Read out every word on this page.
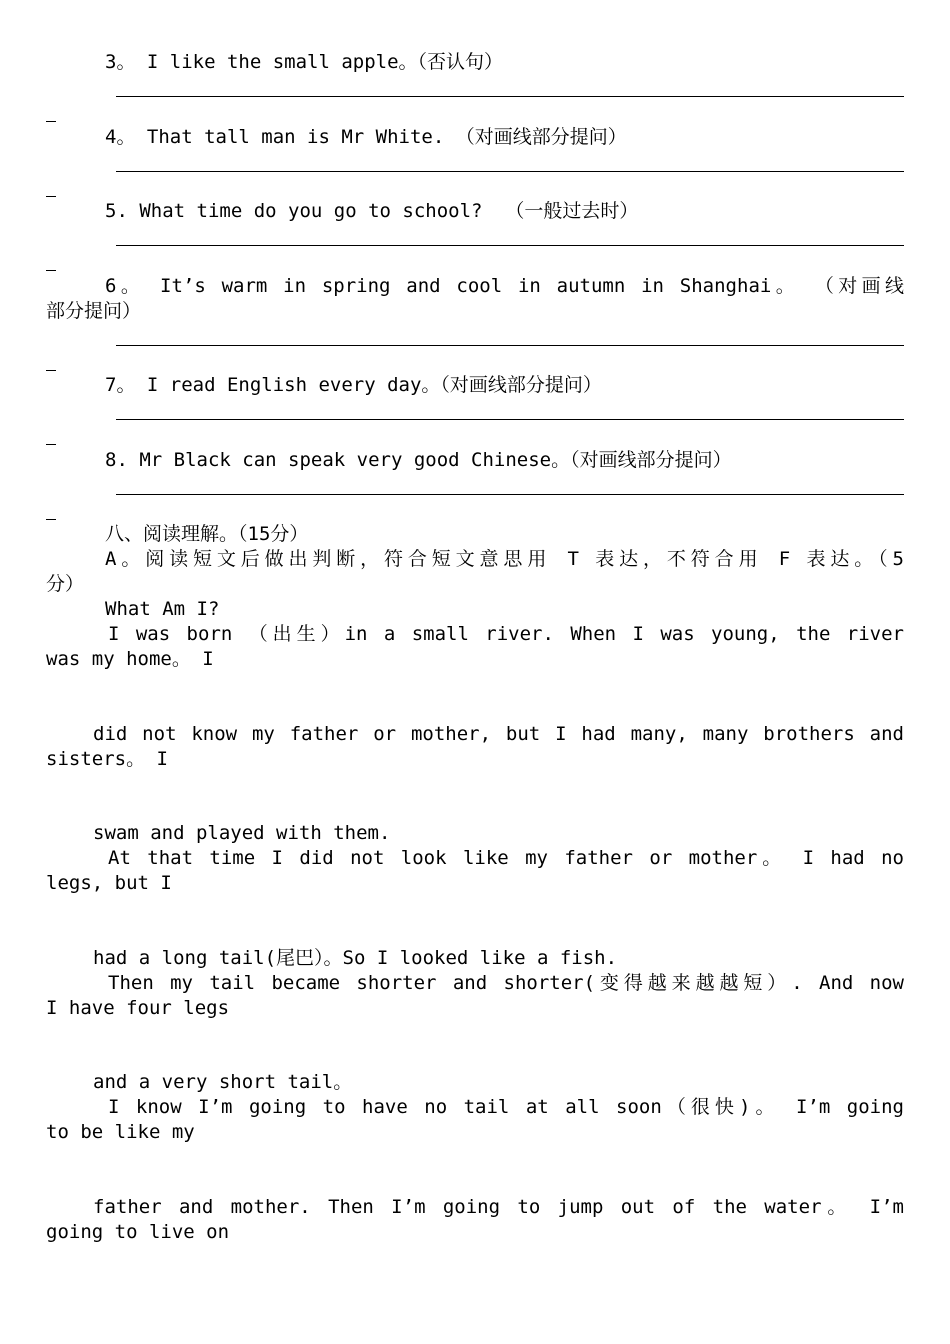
3。 I like the small apple。（否认句）
4。 That tall man is Mr White. （对画线部分提问）
5. What time do you go to school?  （一般过去时）
6。 It’s warm in spring and cool in autumn in Shanghai。 （对画线
部分提问）
7。 I read English every day。（对画线部分提问）
8. Mr Black can speak very good Chinese。（对画线部分提问）
八、阅读理解。（15分）
A。阅读短文后做出判断，符合短文意思用 T 表达，不符合用 F 表达。（5
分）
What Am I?
I was born （出生）in a small river. When I was young, the river
was my home。 I
did not know my father or mother, but I had many, many brothers and
sisters。 I
swam and played with them.
At that time I did not look like my father or mother。 I had no
legs, but I
had a long tail(尾巴）。So I looked like a fish.
Then my tail became shorter and shorter(变得越来越越短）. And now
I have four legs
and a very short tail。
I know I’m going to have no tail at all soon（很快)。 I’m going
to be like my
father and mother. Then I’m going to jump out of the water。 I’m
going to live on
